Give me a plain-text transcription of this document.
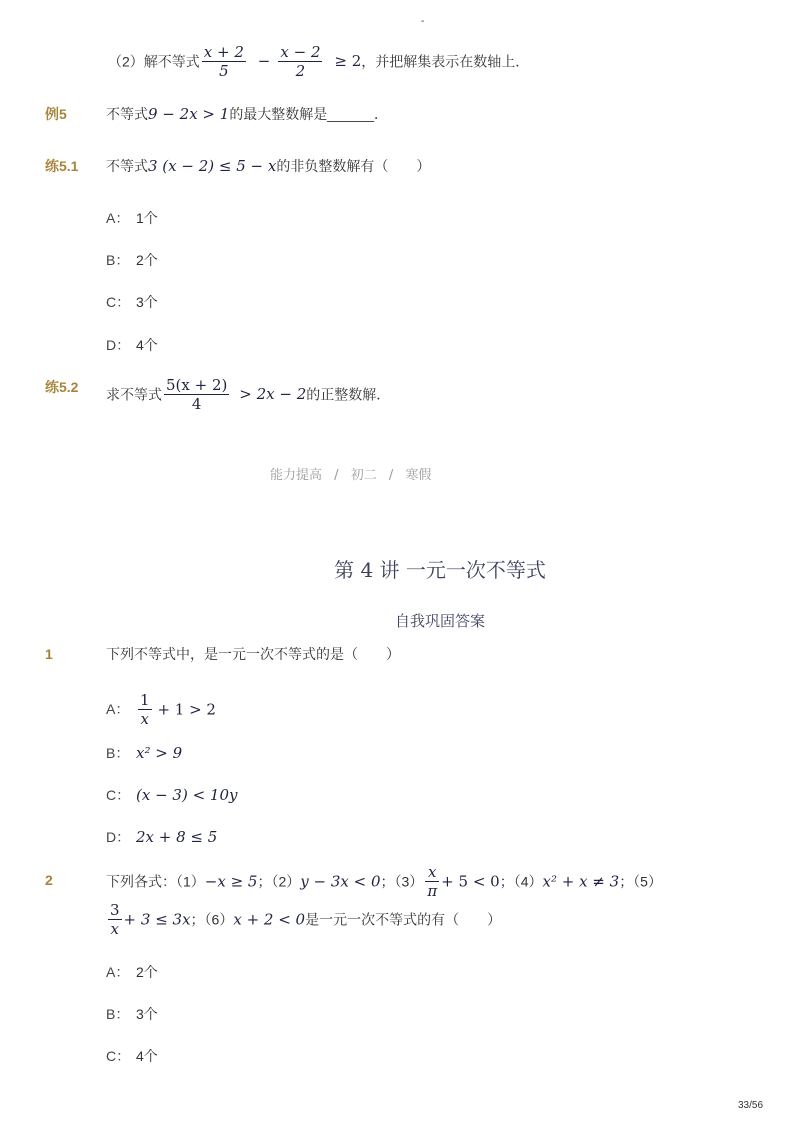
-
（2）解不等式 $\frac{x + 2}{5} - \frac{x - 2}{2} \ge 2$，并把解集表示在数轴上．
例5	不等式9 − 2x > 1的最大整数解是______．
练5.1 不等式3 (x − 2) ≤ 5 − x的非负整数解有（　　）
A： 1个
B： 2个
C： 3个
D： 4个
练5.2 求不等式 $\frac{5(x + 2)}{4} > 2x - 2$的正整数解．
能力提高 / 初二 / 寒假
第 4 讲 一元一次不等式
自我巩固答案
1	下列不等式中，是一元一次不等式的是（　　）
A： $\frac{1}{x} + 1 > 2$
B： x² > 9
C： (x − 3) < 10y
D： 2x + 8 ≤ 5
2	下列各式：（1）−x ≥ 5；（2）y − 3x < 0；$(3) \frac{x}{\pi} + 5 < 0$；（4）x² + x ≠ 3；（5）
$\frac{3}{x} + 3 \le 3x$；（6）x + 2 < 0是一元一次不等式的有（　　）
A： 2个
B： 3个
C： 4个
33/56
